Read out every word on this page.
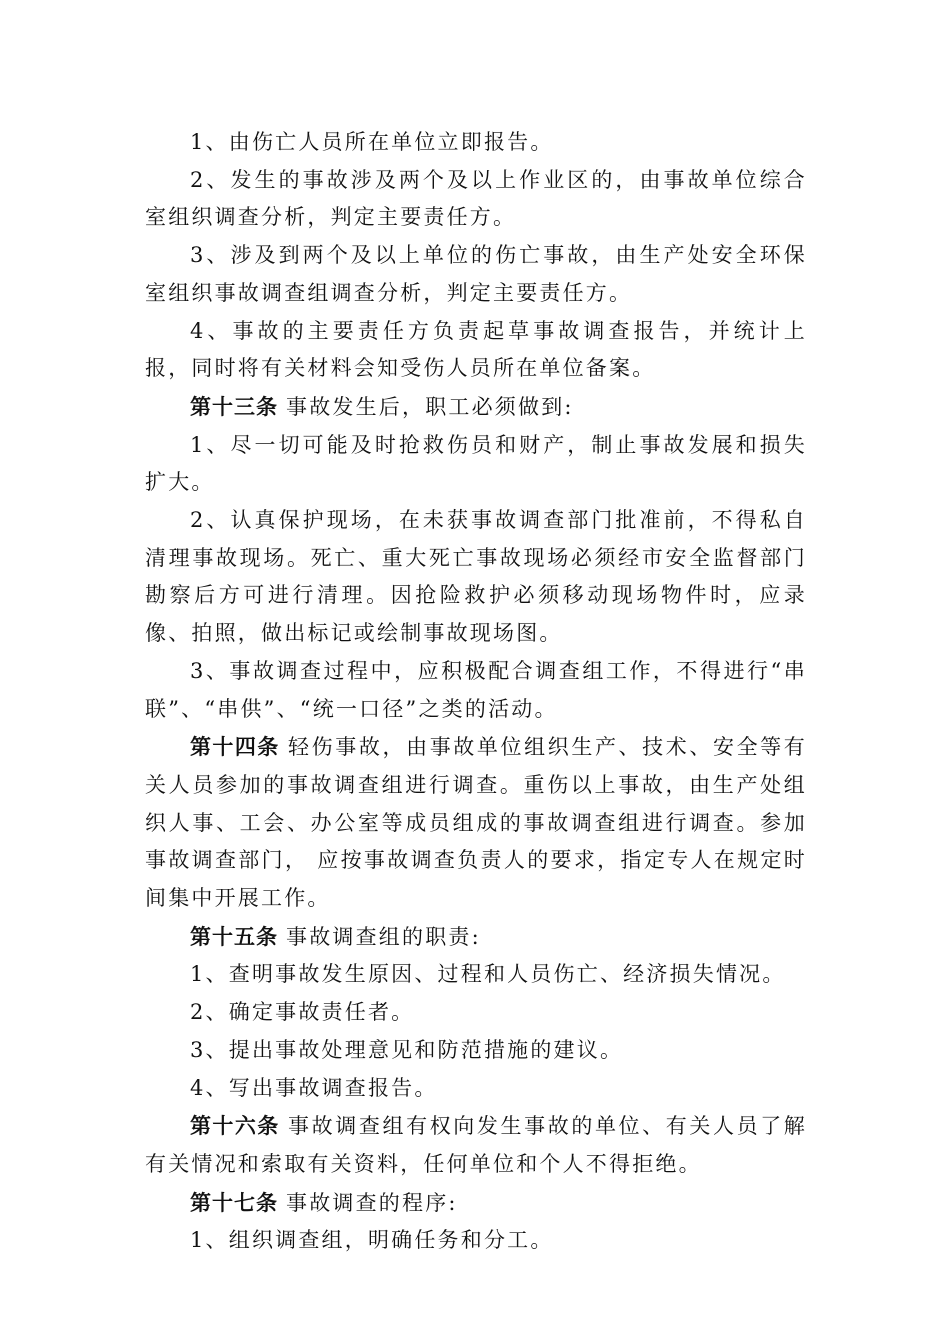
1、由伤亡人员所在单位立即报告。

2、发生的事故涉及两个及以上作业区的，由事故单位综合室组织调查分析，判定主要责任方。

3、涉及到两个及以上单位的伤亡事故，由生产处安全环保室组织事故调查组调查分析，判定主要责任方。

4、事故的主要责任方负责起草事故调查报告，并统计上报，同时将有关材料会知受伤人员所在单位备案。

第十三条 事故发生后，职工必须做到:

1、尽一切可能及时抢救伤员和财产，制止事故发展和损失扩大。

2、认真保护现场，在未获事故调查部门批准前，不得私自清理事故现场。死亡、重大死亡事故现场必须经市安全监督部门勘察后方可进行清理。因抢险救护必须移动现场物件时，应录像、拍照，做出标记或绘制事故现场图。

3、事故调查过程中，应积极配合调查组工作，不得进行“串联”、“串供”、“统一口径”之类的活动。

第十四条 轻伤事故，由事故单位组织生产、技术、安全等有关人员参加的事故调查组进行调查。重伤以上事故，由生产处组织人事、工会、办公室等成员组成的事故调查组进行调查。参加事故调查部门， 应按事故调查负责人的要求，指定专人在规定时间集中开展工作。

第十五条 事故调查组的职责:

1、查明事故发生原因、过程和人员伤亡、经济损失情况。

2、确定事故责任者。

3、提出事故处理意见和防范措施的建议。

4、写出事故调查报告。

第十六条 事故调查组有权向发生事故的单位、有关人员了解有关情况和索取有关资料，任何单位和个人不得拒绝。

第十七条 事故调查的程序:

1、组织调查组，明确任务和分工。
